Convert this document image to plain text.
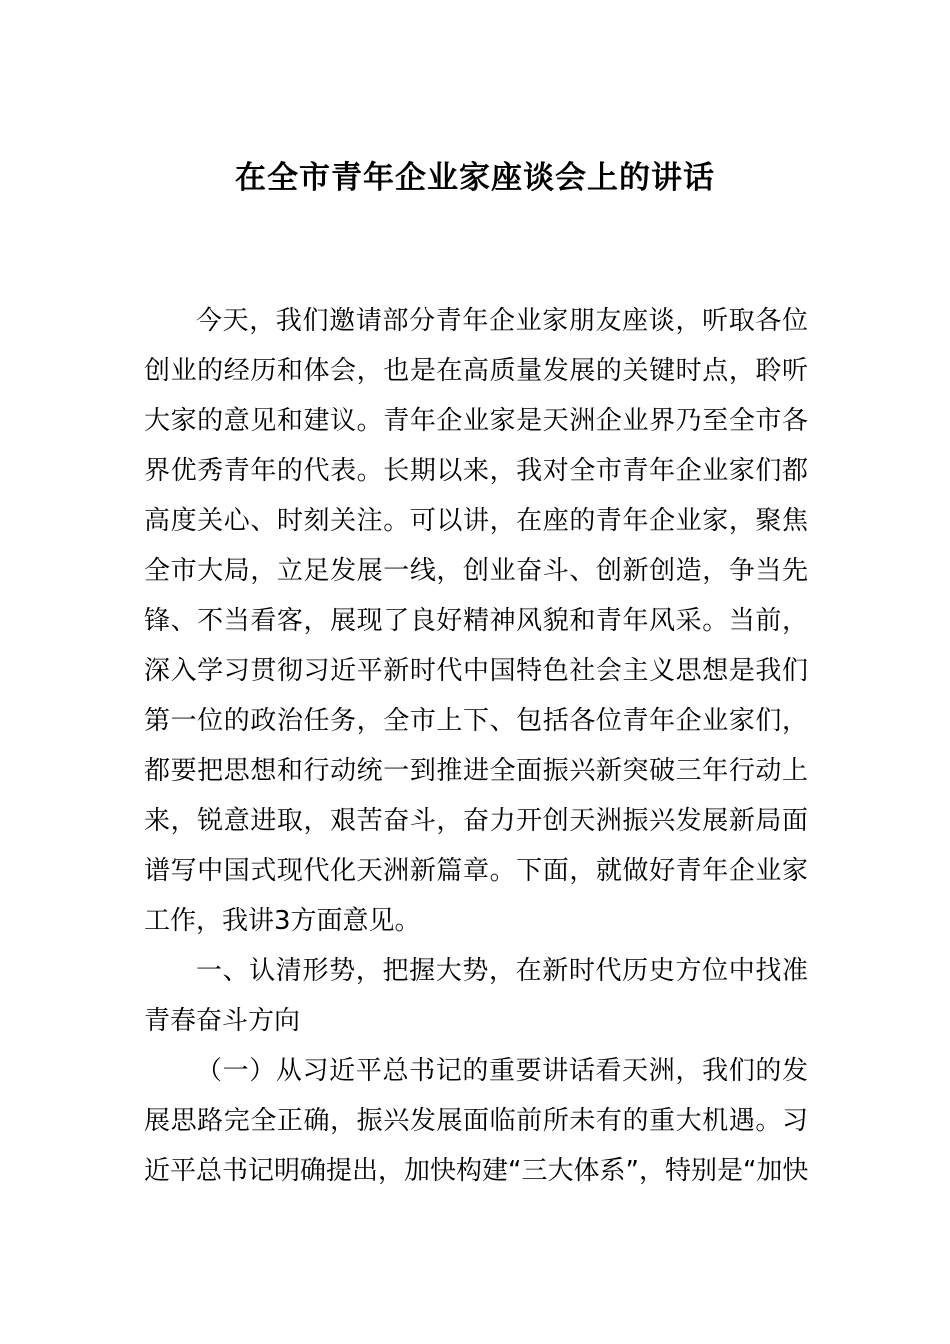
在全市青年企业家座谈会上的讲话
今天，我们邀请部分青年企业家朋友座谈，听取各位
创业的经历和体会，也是在高质量发展的关键时点，聆听
大家的意见和建议。青年企业家是天洲企业界乃至全市各
界优秀青年的代表。长期以来，我对全市青年企业家们都
高度关心、时刻关注。可以讲，在座的青年企业家，聚焦
全市大局，立足发展一线，创业奋斗、创新创造，争当先
锋、不当看客，展现了良好精神风貌和青年风采。当前，
深入学习贯彻习近平新时代中国特色社会主义思想是我们
第一位的政治任务，全市上下、包括各位青年企业家们，
都要把思想和行动统一到推进全面振兴新突破三年行动上
来，锐意进取，艰苦奋斗，奋力开创天洲振兴发展新局面
谱写中国式现代化天洲新篇章。下面，就做好青年企业家
工作，我讲3方面意见。
一、认清形势，把握大势，在新时代历史方位中找准
青春奋斗方向
（一）从习近平总书记的重要讲话看天洲，我们的发
展思路完全正确，振兴发展面临前所未有的重大机遇。习
近平总书记明确提出，加快构建“三大体系”，特别是“加快
